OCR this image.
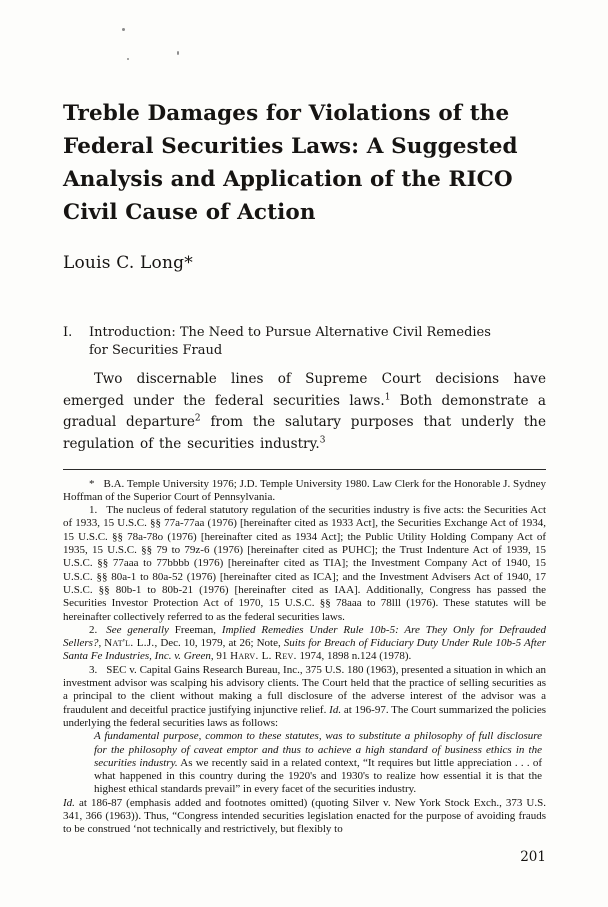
Treble Damages for Violations of the
Federal Securities Laws: A Suggested
Analysis and Application of the RICO
Civil Cause of Action
Louis C. Long*
I.	Introduction: The Need to Pursue Alternative Civil Remedies
for Securities Fraud

Two discernable lines of Supreme Court decisions have emerged under the federal securities laws.$^1$ Both demonstrate a gradual departure$^2$ from the salutary purposes that underly the regulation of the securities industry.$^3$

* B.A. Temple University 1976; J.D. Temple University 1980. Law Clerk for the Honorable J. Sydney Hoffman of the Superior Court of Pennsylvania.

1. The nucleus of federal statutory regulation of the securities industry is five acts: the Securities Act of 1933, 15 U.S.C. §§ 77a-77aa (1976) [hereinafter cited as 1933 Act], the Securities Exchange Act of 1934, 15 U.S.C. §§ 78a-78o (1976) [hereinafter cited as 1934 Act]; the Public Utility Holding Company Act of 1935, 15 U.S.C. §§ 79 to 79z-6 (1976) [hereinafter cited as PUHC]; the Trust Indenture Act of 1939, 15 U.S.C. §§ 77aaa to 77bbbb (1976) [hereinafter cited as TIA]; the Investment Company Act of 1940, 15 U.S.C. §§ 80a-1 to 80a-52 (1976) [hereinafter cited as ICA]; and the Investment Advisers Act of 1940, 17 U.S.C. §§ 80b-1 to 80b-21 (1976) [hereinafter cited as IAA]. Additionally, Congress has passed the Securities Investor Protection Act of 1970, 15 U.S.C. §§ 78aaa to 78lll (1976). These statutes will be hereinafter collectively referred to as the federal securities laws.

2. See generally Freeman, Implied Remedies Under Rule 10b-5: Are They Only for Defrauded Sellers?, Nat'l. L.J., Dec. 10, 1979, at 26; Note, Suits for Breach of Fiduciary Duty Under Rule 10b-5 After Santa Fe Industries, Inc. v. Green, 91 Harv. L. Rev. 1974, 1898 n.124 (1978).

3. SEC v. Capital Gains Research Bureau, Inc., 375 U.S. 180 (1963), presented a situation in which an investment advisor was scalping his advisory clients. The Court held that the practice of selling securities as a principal to the client without making a full disclosure of the adverse interest of the advisor was a fraudulent and deceitful practice justifying injunctive relief. Id. at 196-97. The Court summarized the policies underlying the federal securities laws as follows:

A fundamental purpose, common to these statutes, was to substitute a philosophy of full disclosure for the philosophy of caveat emptor and thus to achieve a high standard of business ethics in the securities industry. As we recently said in a related context, “It requires but little appreciation . . . of what happened in this country during the 1920's and 1930's to realize how essential it is that the highest ethical standards prevail” in every facet of the securities industry.

Id. at 186-87 (emphasis added and footnotes omitted) (quoting Silver v. New York Stock Exch., 373 U.S. 341, 366 (1963)). Thus, “Congress intended securities legislation enacted for the purpose of avoiding frauds to be construed ‘not technically and restrictively, but flexibly to

201
